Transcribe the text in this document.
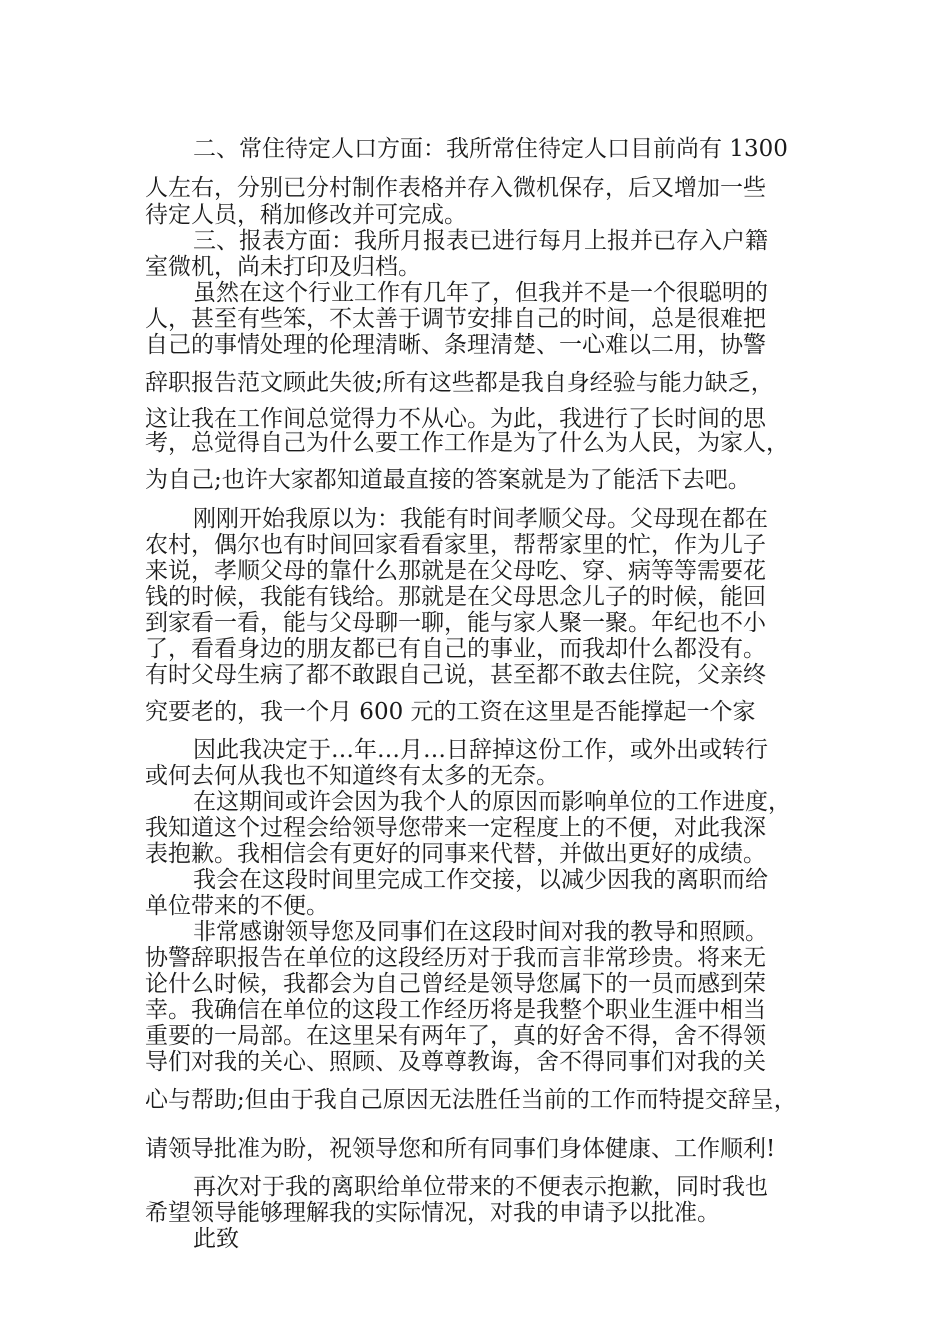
二、常住待定人口方面：我所常住待定人口目前尚有 1300
人左右，分别已分村制作表格并存入微机保存，后又增加一些
待定人员，稍加修改并可完成。
三、报表方面：我所月报表已进行每月上报并已存入户籍
室微机，尚未打印及归档。
虽然在这个行业工作有几年了，但我并不是一个很聪明的
人，甚至有些笨，不太善于调节安排自己的时间，总是很难把
自己的事情处理的伦理清晰、条理清楚、一心难以二用，协警
辞职报告范文顾此失彼;所有这些都是我自身经验与能力缺乏，
这让我在工作间总觉得力不从心。为此，我进行了长时间的思
考，总觉得自己为什么要工作工作是为了什么为人民，为家人，
为自己;也许大家都知道最直接的答案就是为了能活下去吧。
刚刚开始我原以为：我能有时间孝顺父母。父母现在都在
农村，偶尔也有时间回家看看家里，帮帮家里的忙，作为儿子
来说，孝顺父母的靠什么那就是在父母吃、穿、病等等需要花
钱的时候，我能有钱给。那就是在父母思念儿子的时候，能回
到家看一看，能与父母聊一聊，能与家人聚一聚。年纪也不小
了，看看身边的朋友都已有自己的事业，而我却什么都没有。
有时父母生病了都不敢跟自己说，甚至都不敢去住院，父亲终
究要老的，我一个月 600 元的工资在这里是否能撑起一个家
因此我决定于…年…月…日辞掉这份工作，或外出或转行
或何去何从我也不知道终有太多的无奈。
在这期间或许会因为我个人的原因而影响单位的工作进度，
我知道这个过程会给领导您带来一定程度上的不便，对此我深
表抱歉。我相信会有更好的同事来代替，并做出更好的成绩。
我会在这段时间里完成工作交接，以减少因我的离职而给
单位带来的不便。
非常感谢领导您及同事们在这段时间对我的教导和照顾。
协警辞职报告在单位的这段经历对于我而言非常珍贵。将来无
论什么时候，我都会为自己曾经是领导您属下的一员而感到荣
幸。我确信在单位的这段工作经历将是我整个职业生涯中相当
重要的一局部。在这里呆有两年了，真的好舍不得，舍不得领
导们对我的关心、照顾、及尊尊教诲，舍不得同事们对我的关
心与帮助;但由于我自己原因无法胜任当前的工作而特提交辞呈，
请领导批准为盼，祝领导您和所有同事们身体健康、工作顺利!
再次对于我的离职给单位带来的不便表示抱歉，同时我也
希望领导能够理解我的实际情况，对我的申请予以批准。
此致
